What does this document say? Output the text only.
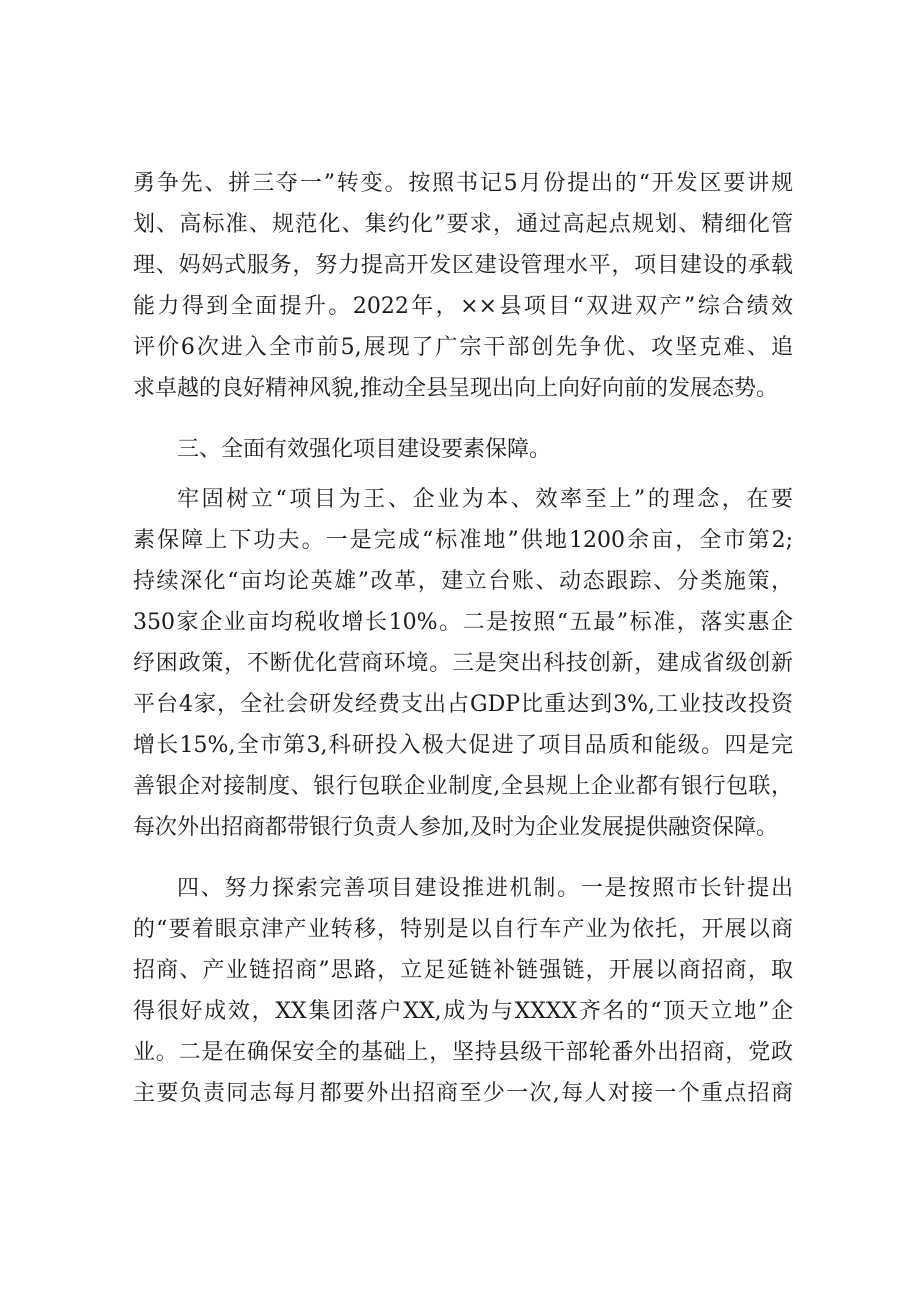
勇争先、拼三夺一”转变。按照书记5月份提出的“开发区要讲规
划、高标准、规范化、集约化”要求，通过高起点规划、精细化管
理、妈妈式服务，努力提高开发区建设管理水平，项目建设的承载
能力得到全面提升。2022年，××县项目“双进双产”综合绩效
评价6次进入全市前5,展现了广宗干部创先争优、攻坚克难、追
求卓越的良好精神风貌,推动全县呈现出向上向好向前的发展态势。
三、全面有效强化项目建设要素保障。
牢固树立“项目为王、企业为本、效率至上”的理念，在要
素保障上下功夫。一是完成“标准地”供地1200余亩，全市第2;
持续深化“亩均论英雄”改革，建立台账、动态跟踪、分类施策，
350家企业亩均税收增长10%。二是按照“五最”标准，落实惠企
纾困政策，不断优化营商环境。三是突出科技创新，建成省级创新
平台4家，全社会研发经费支出占GDP比重达到3%,工业技改投资
增长15%,全市第3,科研投入极大促进了项目品质和能级。四是完
善银企对接制度、银行包联企业制度,全县规上企业都有银行包联，
每次外出招商都带银行负责人参加,及时为企业发展提供融资保障。
四、努力探索完善项目建设推进机制。一是按照市长针提出
的“要着眼京津产业转移，特别是以自行车产业为依托，开展以商
招商、产业链招商”思路，立足延链补链强链，开展以商招商，取
得很好成效，XX集团落户XX,成为与XXXX齐名的“顶天立地”企
业。二是在确保安全的基础上，坚持县级干部轮番外出招商，党政
主要负责同志每月都要外出招商至少一次,每人对接一个重点招商
